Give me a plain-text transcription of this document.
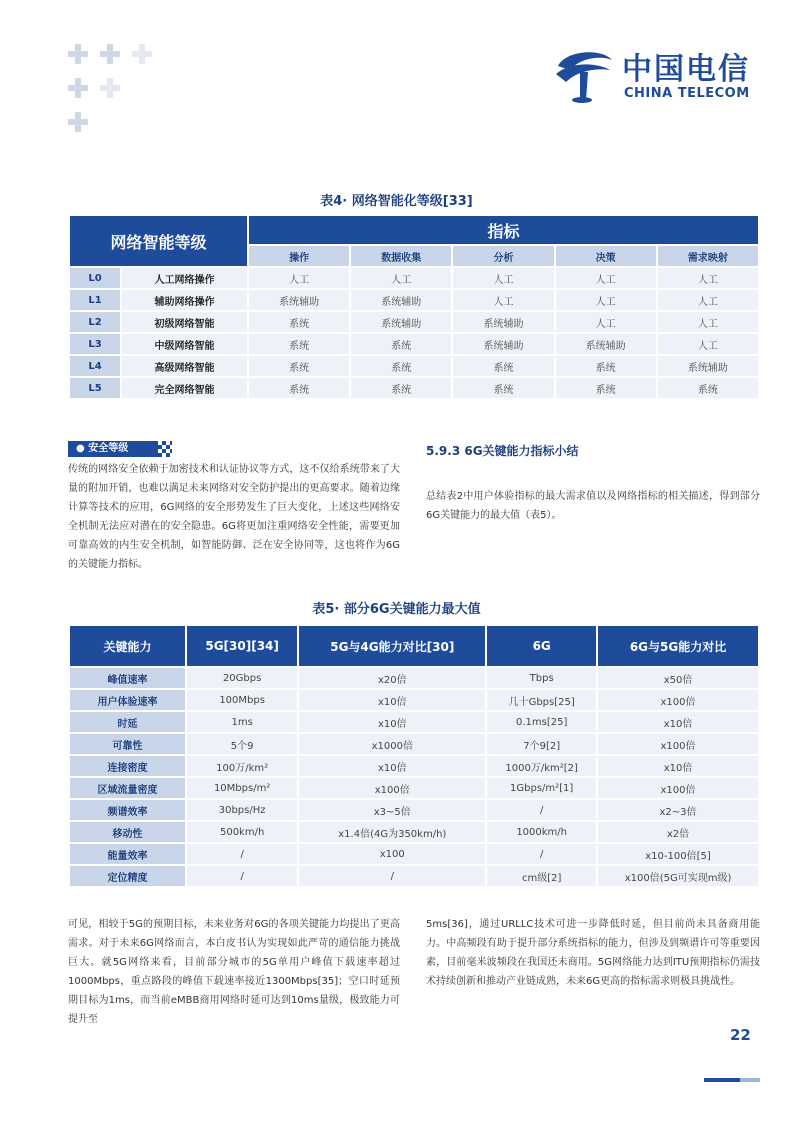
中国电信
CHINA TELECOM
表4· 网络智能化等级[33]
网络智能等级		指标				
		操作	数据收集	分析	决策	需求映射
L0	人工网络操作	人工	人工	人工	人工	人工
L1	辅助网络操作	系统辅助	系统辅助	人工	人工	人工
L2	初级网络智能	系统	系统辅助	系统辅助	人工	人工
L3	中级网络智能	系统	系统	系统辅助	系统辅助	人工
L4	高级网络智能	系统	系统	系统	系统	系统辅助
L5	完全网络智能	系统	系统	系统	系统	系统
● 安全等级
传统的网络安全依赖于加密技术和认证协议等方式，这不仅给系统带来了大量的附加开销，也难以满足未来网络对安全防护提出的更高要求。随着边缘计算等技术的应用，6G网络的安全形势发生了巨大变化，上述这些网络安全机制无法应对潜在的安全隐患。6G将更加注重网络安全性能，需要更加可靠高效的内生安全机制，如智能防御、泛在安全协同等，这也将作为6G的关键能力指标。
5.9.3 6G关键能力指标小结
总结表2中用户体验指标的最大需求值以及网络指标的相关描述，得到部分6G关键能力的最大值（表5）。
表5· 部分6G关键能力最大值
关键能力	5G[30][34]	5G与4G能力对比[30]	6G	6G与5G能力对比
峰值速率	20Gbps	x20倍	Tbps	x50倍
用户体验速率	100Mbps	x10倍	几十Gbps[25]	x100倍
时延	1ms	x10倍	0.1ms[25]	x10倍
可靠性	5个9	x1000倍	7个9[2]	x100倍
连接密度	100万/km²	x10倍	1000万/km²[2]	x10倍
区域流量密度	10Mbps/m²	x100倍	1Gbps/m²[1]	x100倍
频谱效率	30bps/Hz	x3~5倍	/	x2~3倍
移动性	500km/h	x1.4倍(4G为350km/h)	1000km/h	x2倍
能量效率	/	x100	/	x10-100倍[5]
定位精度	/	/	cm级[2]	x100倍(5G可实现m级)
可见，相较于5G的预期目标，未来业务对6G的各项关键能力均提出了更高需求。对于未来6G网络而言，本白皮书认为实现如此严苛的通信能力挑战巨大。就5G网络来看，目前部分城市的5G单用户峰值下载速率超过1000Mbps，重点路段的峰值下载速率接近1300Mbps[35]；空口时延预期目标为1ms，而当前eMBB商用网络时延可达到10ms量级，极致能力可提升至
5ms[36]，通过URLLC技术可进一步降低时延，但目前尚未具备商用能力。中高频段有助于提升部分系统指标的能力，但涉及到频谱许可等重要因素，目前毫米波频段在我国还未商用。5G网络能力达到ITU预期指标仍需技术持续创新和推动产业链成熟，未来6G更高的指标需求则极具挑战性。
22
